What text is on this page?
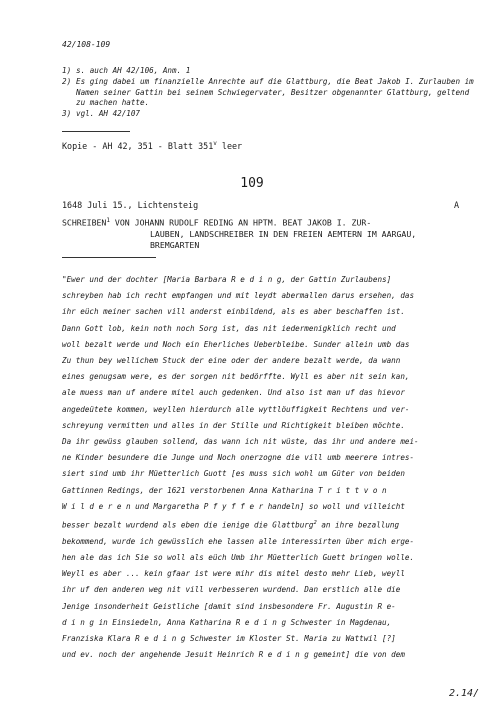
42/108-109
1) s. auch AH 42/106, Anm. 1
2) Es ging dabei um finanzielle Anrechte auf die Glattburg, die Beat Jakob I. Zurlauben im Namen seiner Gattin bei seinem Schwiegervater, Besitzer obgenannter Glattburg, geltend zu machen hatte.
3) vgl. AH 42/107
Kopie - AH 42, 351 - Blatt 351$^v$ leer
109
1648 Juli 15., Lichtensteig	A
SCHREIBEN$^1$ VON JOHANN RUDOLF REDING AN HPTM. BEAT JAKOB I. ZUR-
LAUBEN, LANDSCHREIBER IN DEN FREIEN AEMTERN IM AARGAU,
BREMGARTEN

"Ewer und der dochter [Maria Barbara R e d i n g, der Gattin Zurlaubens]

schreyben hab ich recht empfangen und mit leydt abermallen darus ersehen, das

ihr eüch meiner sachen vill anderst einbildend, als es aber beschaffen ist.

Dann Gott lob, kein noth noch Sorg ist, das nit iedermenigklich recht und

woll bezalt werde und Noch ein Eherliches Ueberbleibe. Sunder allein umb das

Zu thun bey wellichem Stuck der eine oder der andere bezalt werde, da wann

eines genugsam were, es der sorgen nit bedörffte. Wyll es aber nit sein kan,

ale muess man uf andere mitel auch gedenken. Und also ist man uf das hievor

angedeütete kommen, weyllen hierdurch alle wyttlöuffigkeit Rechtens und ver-

schreyung vermitten und alles in der Stille und Richtigkeit bleiben möchte.

Da ihr gewüss glauben sollend, das wann ich nit wüste, das ihr und andere mei-

ne Kinder besundere die Junge und Noch onerzogne die vill umb meerere intres-

siert sind umb ihr Müetterlich Guott [es muss sich wohl um Güter von beiden

Gattinnen Redings, der 1621 verstorbenen Anna Katharina T r i t t v o n

W i l d e r e n und Margaretha P f y f f e r handeln] so woll und villeicht

besser bezalt wurdend als eben die ienige die Glattburg$^2$ an ihre bezallung

bekommend, wurde ich gewüsslich ehe lassen alle interessirten über mich erge-

hen ale das ich Sie so woll als eüch Umb ihr Müetterlich Guett bringen wolle.

Weyll es aber ... kein gfaar ist were mihr dis mitel desto mehr Lieb, weyll

ihr uf den anderen weg nit vill verbesseren wurdend. Dan erstlich alle die

Jenige insonderheit Geistliche [damit sind insbesondere Fr. Augustin R e-

d i n g in Einsiedeln, Anna Katharina R e d i n g Schwester in Magdenau,

Franziska Klara R e d i n g Schwester im Kloster St. Maria zu Wattwil [?]

und ev. noch der angehende Jesuit Heinrich R e d i n g gemeint] die von dem

2.14/
